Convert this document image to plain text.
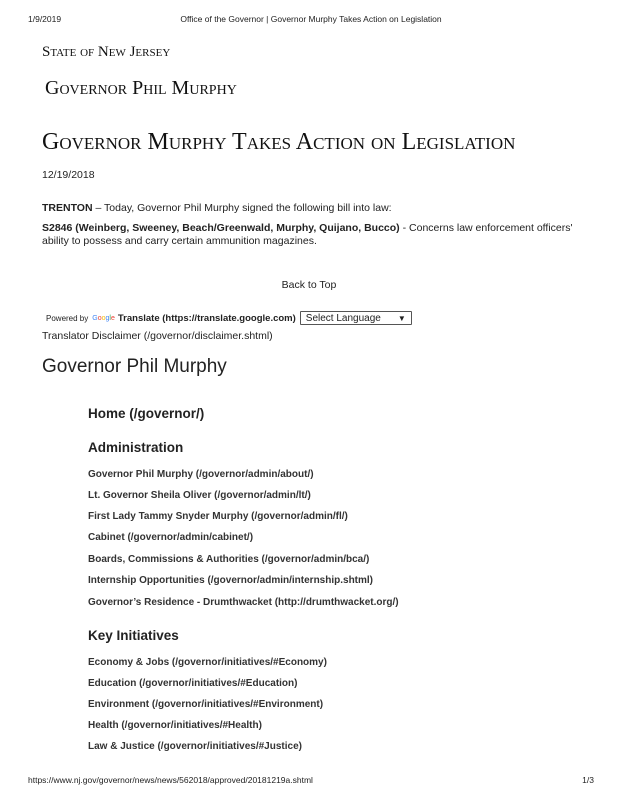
1/9/2019	Office of the Governor | Governor Murphy Takes Action on Legislation
State of New Jersey
Governor Phil Murphy
Governor Murphy Takes Action on Legislation
12/19/2018
TRENTON – Today, Governor Phil Murphy signed the following bill into law:
S2846 (Weinberg, Sweeney, Beach/Greenwald, Murphy, Quijano, Bucco) - Concerns law enforcement officers' ability to possess and carry certain ammunition magazines.
Back to Top
Powered by Google Translate (https://translate.google.com) Select Language ▼
Translator Disclaimer (/governor/disclaimer.shtml)
Governor Phil Murphy
Home (/governor/)
Administration
Governor Phil Murphy (/governor/admin/about/)
Lt. Governor Sheila Oliver (/governor/admin/lt/)
First Lady Tammy Snyder Murphy (/governor/admin/fl/)
Cabinet (/governor/admin/cabinet/)
Boards, Commissions & Authorities (/governor/admin/bca/)
Internship Opportunities (/governor/admin/internship.shtml)
Governor’s Residence - Drumthwacket (http://drumthwacket.org/)
Key Initiatives
Economy & Jobs (/governor/initiatives/#Economy)
Education (/governor/initiatives/#Education)
Environment (/governor/initiatives/#Environment)
Health (/governor/initiatives/#Health)
Law & Justice (/governor/initiatives/#Justice)
https://www.nj.gov/governor/news/news/562018/approved/20181219a.shtml	1/3
